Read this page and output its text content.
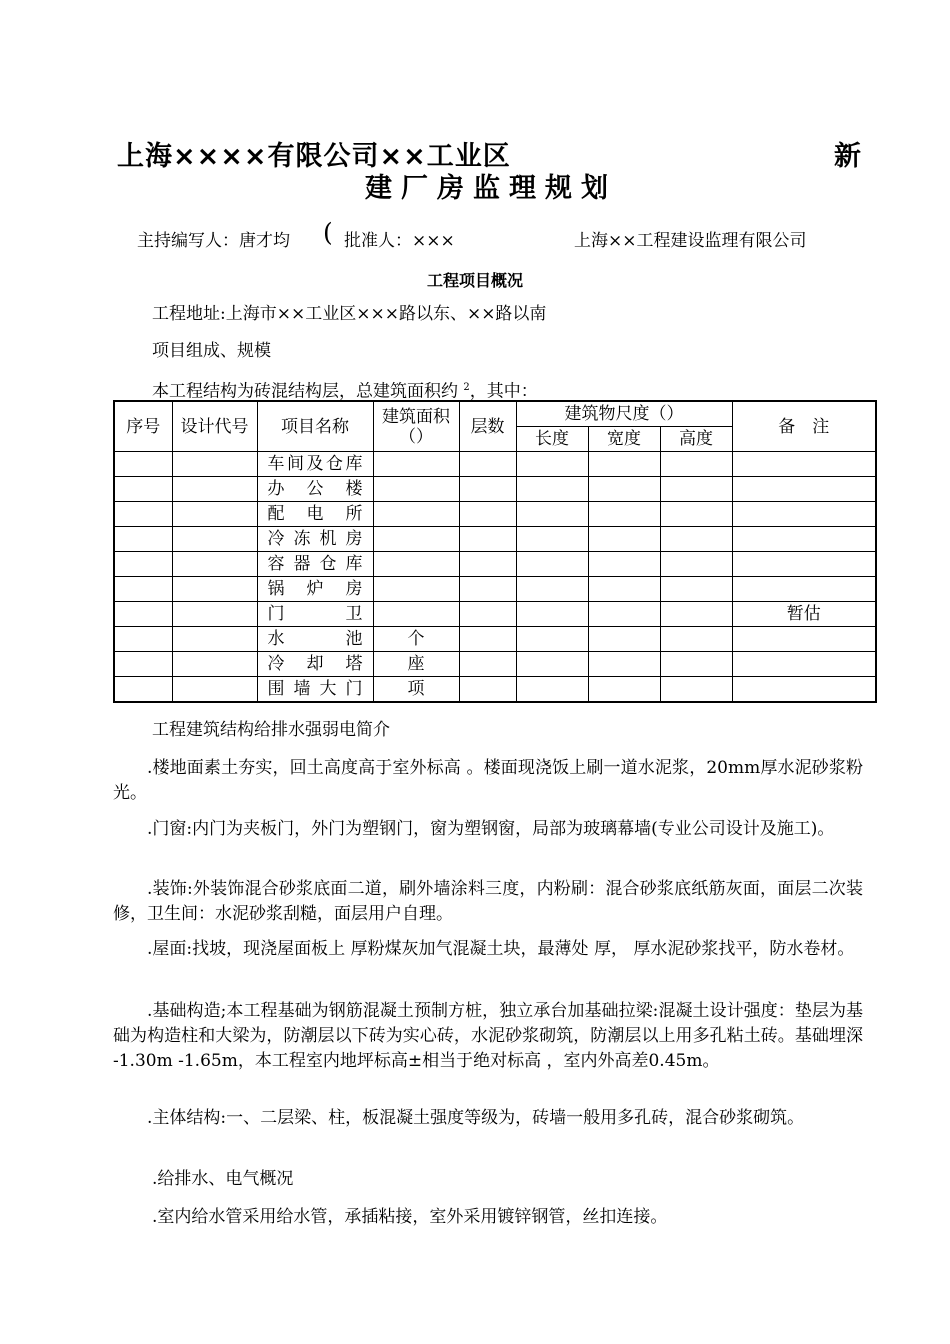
上海××××有限公司××工业区	新
建厂房监理规划
主持编写人：唐才均 ( 批准人：×××	上海××工程建设监理有限公司
工程项目概况
工程地址:上海市××工业区×××路以东、××路以南
项目组成、规模
本工程结构为砖混结构层，总建筑面积约 $^2$，其中：
序号	设计代号	项目名称	建筑面积（）	层数	建筑物尺度（）			备　注
					长度	宽度	高度	
		车间及仓库						
		办公楼						
		配电所						
		冷冻机房						
		容器仓库						
		锅炉房						
		门卫						暂估
		水池	个					
		冷却塔	座					
		围墙大门	项					
工程建筑结构给排水强弱电简介
.楼地面素土夯实，回土高度高于室外标高 。楼面现浇饭上刷一道水泥浆，20mm厚水泥砂浆粉光。
.门窗:内门为夹板门，外门为塑钢门，窗为塑钢窗，局部为玻璃幕墙(专业公司设计及施工)。
.装饰:外装饰混合砂浆底面二道，刷外墙涂料三度，内粉刷：混合砂浆底纸筋灰面，面层二次装修，卫生间：水泥砂浆刮糙，面层用户自理。
.屋面:找坡，现浇屋面板上 厚粉煤灰加气混凝土块，最薄处 厚， 厚水泥砂浆找平，防水卷材。
.基础构造;本工程基础为钢筋混凝土预制方桩，独立承台加基础拉梁:混凝土设计强度：垫层为基础为构造柱和大梁为，防潮层以下砖为实心砖，水泥砂浆砌筑，防潮层以上用多孔粘土砖。基础埋深 -1.30m -1.65m，本工程室内地坪标高±相当于绝对标高 ，室内外高差0.45m。
.主体结构:一、二层梁、柱，板混凝土强度等级为，砖墙一般用多孔砖，混合砂浆砌筑。
.给排水、电气概况
.室内给水管采用给水管，承插粘接，室外采用镀锌钢管，丝扣连接。
